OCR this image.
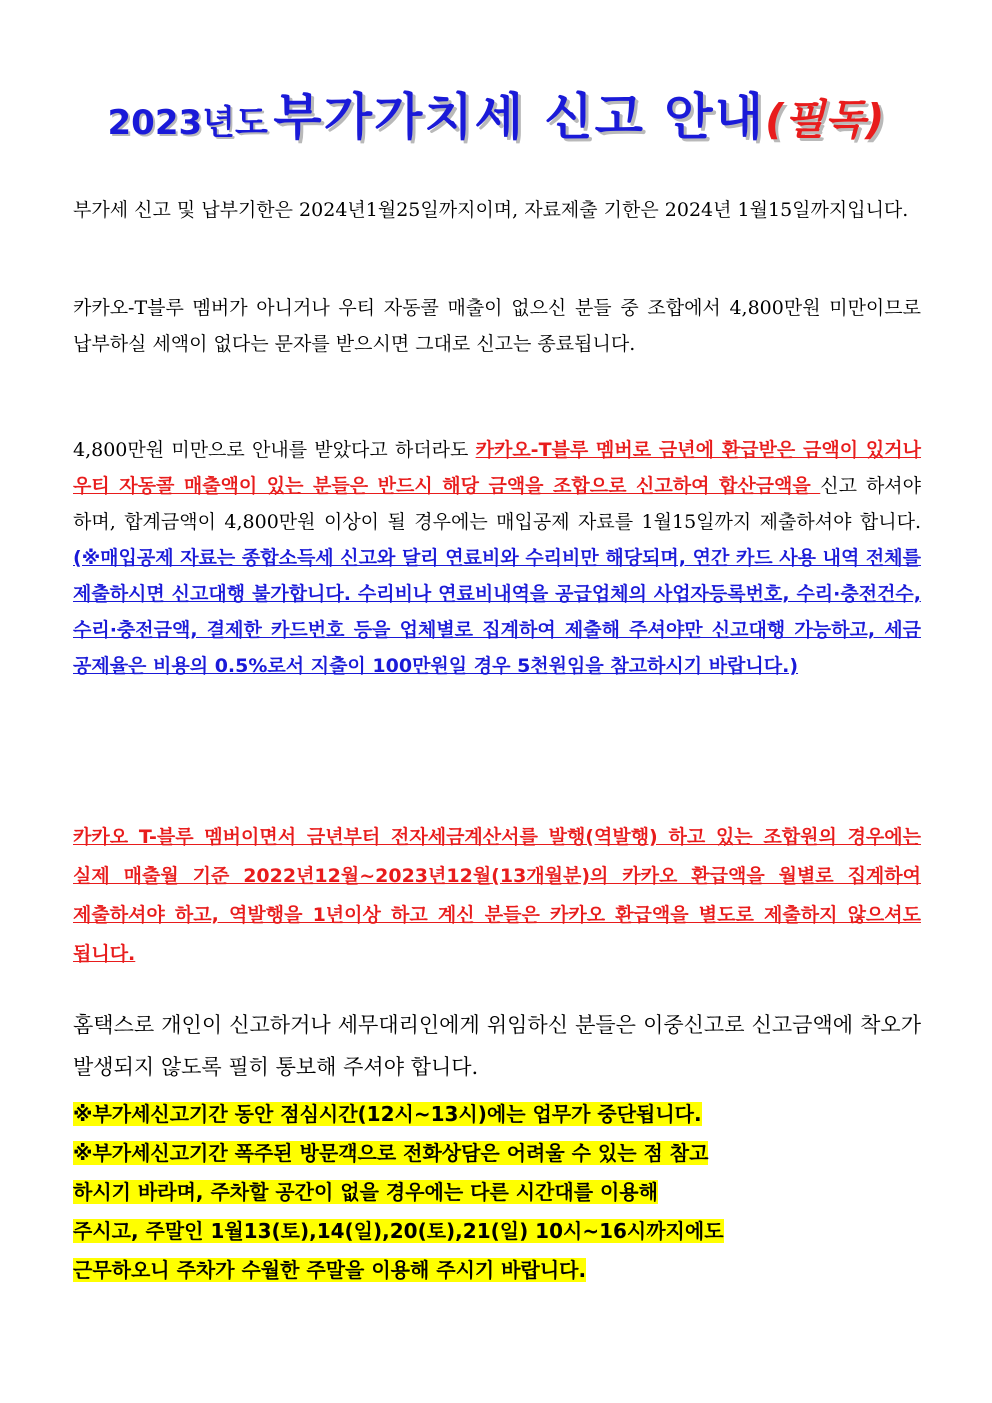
2023년도 부가가치세 신고 안내(필독)
부가세 신고 및 납부기한은 2024년1월25일까지이며, 자료제출 기한은 2024년 1월15일까지입니다.
카카오-T블루 멤버가 아니거나 우티 자동콜 매출이 없으신 분들 중 조합에서 4,800만원 미만이므로 납부하실 세액이 없다는 문자를 받으시면 그대로 신고는 종료됩니다.
4,800만원 미만으로 안내를 받았다고 하더라도 카카오-T블루 멤버로 금년에 환급받은 금액이 있거나 우티 자동콜 매출액이 있는 분들은 반드시 해당 금액을 조합으로 신고하여 합산금액을 신고 하셔야 하며, 합계금액이 4,800만원 이상이 될 경우에는 매입공제 자료를 1월15일까지 제출하셔야 합니다. (※매입공제 자료는 종합소득세 신고와 달리 연료비와 수리비만 해당되며, 연간 카드 사용 내역 전체를 제출하시면 신고대행 불가합니다. 수리비나 연료비내역을 공급업체의 사업자등록번호, 수리·충전건수, 수리·충전금액, 결제한 카드번호 등을 업체별로 집계하여 제출해 주셔야만 신고대행 가능하고, 세금 공제율은 비용의 0.5%로서 지출이 100만원일 경우 5천원임을 참고하시기 바랍니다.)
카카오 T-블루 멤버이면서 금년부터 전자세금계산서를 발행(역발행) 하고 있는 조합원의 경우에는 실제 매출월 기준 2022년12월~2023년12월(13개월분)의 카카오 환급액을 월별로 집계하여 제출하셔야 하고, 역발행을 1년이상 하고 계신 분들은 카카오 환급액을 별도로 제출하지 않으셔도 됩니다.
홈택스로 개인이 신고하거나 세무대리인에게 위임하신 분들은 이중신고로 신고금액에 착오가 발생되지 않도록 필히 통보해 주셔야 합니다.
※부가세신고기간 동안 점심시간(12시~13시)에는 업무가 중단됩니다.
※부가세신고기간 폭주된 방문객으로 전화상담은 어려울 수 있는 점 참고
하시기 바라며, 주차할 공간이 없을 경우에는 다른 시간대를 이용해
주시고, 주말인 1월13(토),14(일),20(토),21(일) 10시~16시까지에도
근무하오니 주차가 수월한 주말을 이용해 주시기 바랍니다.
